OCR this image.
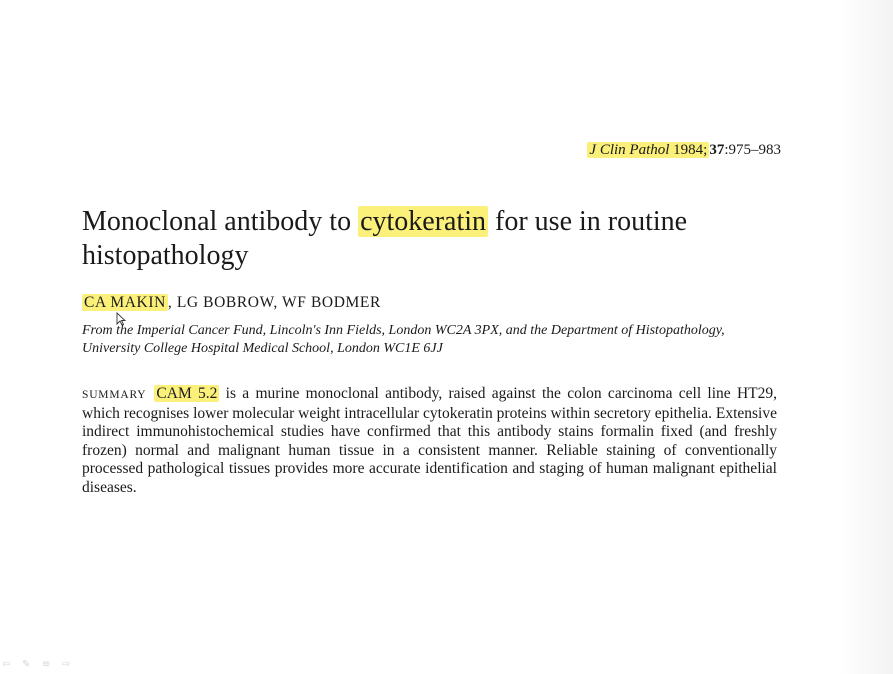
J Clin Pathol 1984; 37:975–983
Monoclonal antibody to cytokeratin for use in routine histopathology
CA MAKIN , LG BOBROW, WF BODMER
From the Imperial Cancer Fund, Lincoln's Inn Fields, London WC2A 3PX, and the Department of Histopathology, University College Hospital Medical School, London WC1E 6JJ
SUMMARY CAM 5.2 is a murine monoclonal antibody, raised against the colon carcinoma cell line HT29, which recognises lower molecular weight intracellular cytokeratin proteins within secretory epithelia. Extensive indirect immunohistochemical studies have confirmed that this antibody stains formalin fixed (and freshly frozen) normal and malignant human tissue in a consistent manner. Reliable staining of conventionally processed pathological tissues provides more accurate identification and staging of human malignant epithelial diseases.
⇦	✎	≡	⇨
